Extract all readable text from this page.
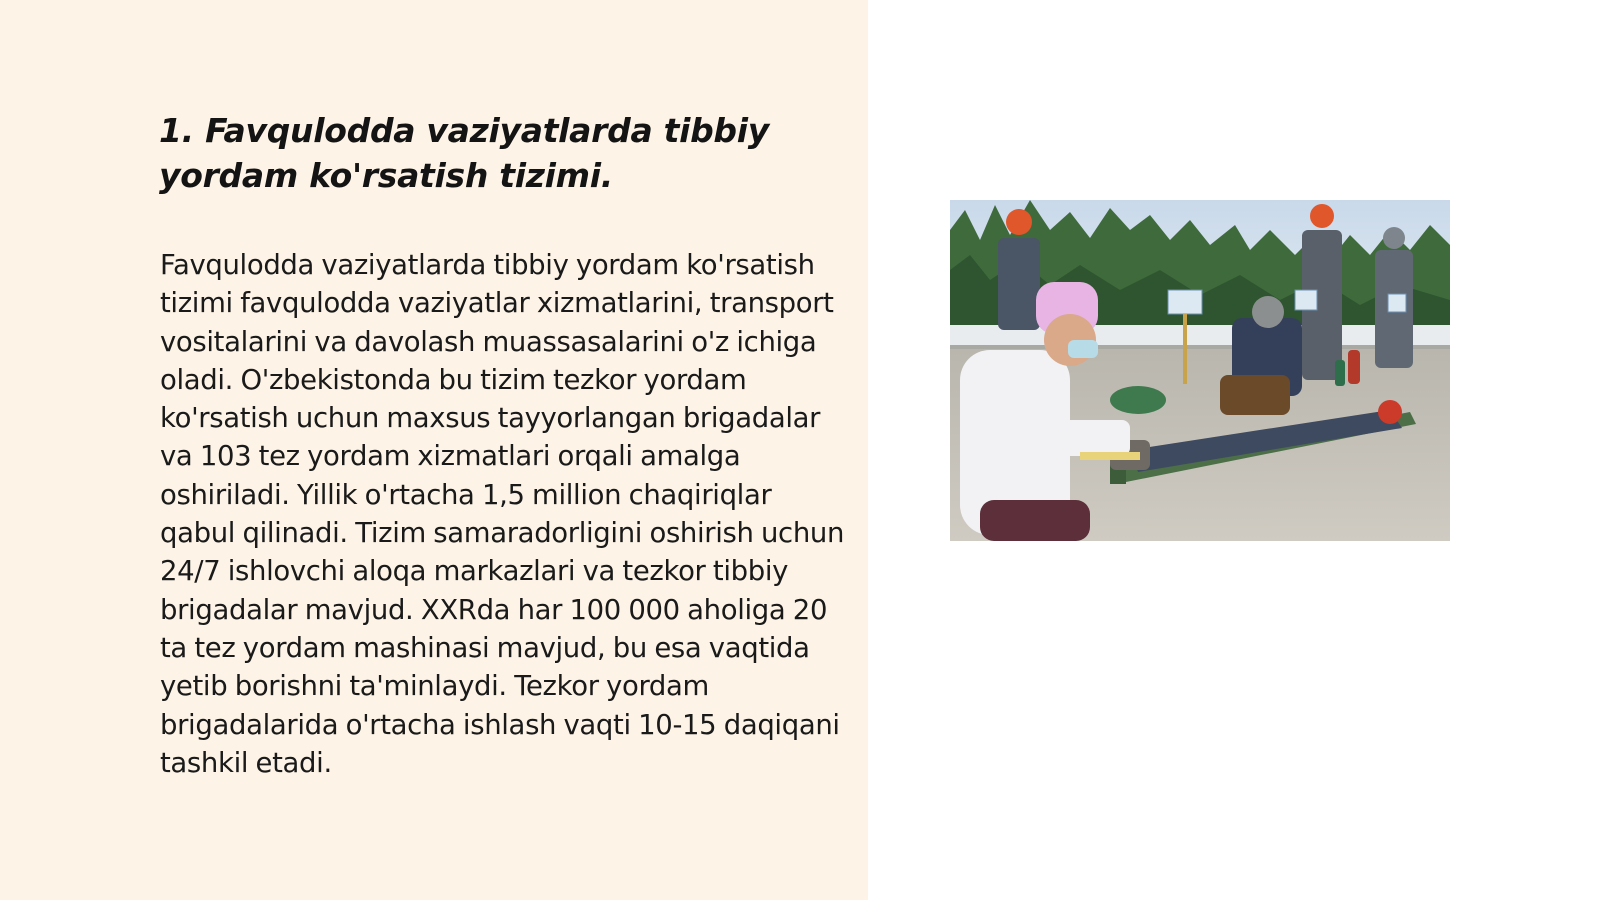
1. Favqulodda vaziyatlarda tibbiy yordam ko'rsatish tizimi.

Favqulodda vaziyatlarda tibbiy yordam ko'rsatish tizimi favqulodda vaziyatlar xizmatlarini, transport vositalarini va davolash muassasalarini o'z ichiga oladi. O'zbekistonda bu tizim tezkor yordam ko'rsatish uchun maxsus tayyorlangan brigadalar va 103 tez yordam xizmatlari orqali amalga oshiriladi. Yillik o'rtacha 1,5 million chaqiriqlar qabul qilinadi. Tizim samaradorligini oshirish uchun 24/7 ishlovchi aloqa markazlari va tezkor tibbiy brigadalar mavjud. XXRda har 100 000 aholiga 20 ta tez yordam mashinasi mavjud, bu esa vaqtida yetib borishni ta'minlaydi. Tezkor yordam brigadalarida o'rtacha ishlash vaqti 10-15 daqiqani tashkil etadi.
